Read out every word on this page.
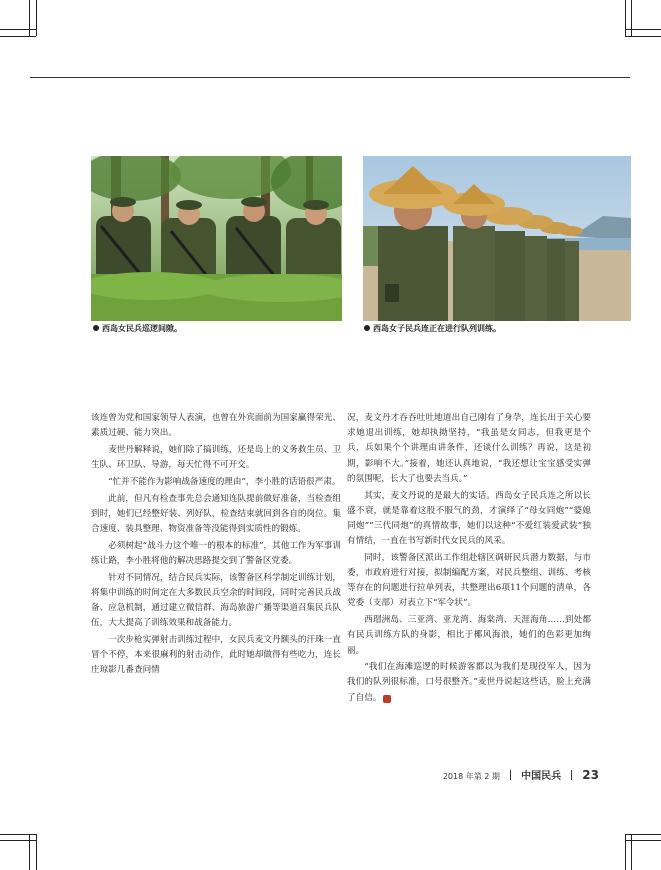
西岛女民兵巡逻间隙。	西岛女子民兵连正在进行队列训练。

该连曾为党和国家领导人表演，也曾在外宾面前为国家赢得荣光、素质过硬、能力突出。

麦世丹解释说，她们除了搞训练，还是岛上的义务救生员、卫生队、环卫队、导游，每天忙得不可开交。

“忙并不能作为影响战备速度的理由”，李小胜的话语很严肃。

此前，但凡有检查事先总会通知连队提前做好准备，当检查组到时，她们已经整好装、列好队，检查结束就回到各自的岗位。集合速度、装具整理、物资准备等没能得到实质性的锻炼。

必须树起“战斗力这个唯一的根本的标准”，其他工作为军事训练让路，李小胜将他的解决思路提交到了警备区党委。

针对不同情况，结合民兵实际，该警备区科学制定训练计划，将集中训练的时间定在大多数民兵空余的时间段，同时完善民兵战备、应急机制，通过建立微信群、海岛旅游广播等渠道召集民兵队伍，大大提高了训练效果和战备能力。

一次步枪实弹射击训练过程中，女民兵麦文丹额头的汗珠一直冒个不停，本来很麻利的射击动作，此时她却做得有些吃力，连长庄琼影几番查问情

况，麦文丹才吞吞吐吐地道出自己刚有了身孕，连长出于关心要求她退出训练，她却执拗坚持，“我虽是女同志，但我更是个兵，兵如果个个讲理由讲条件，还谈什么训练？再说，这是初期，影响不大。”接着，她还认真地说，“我还想让宝宝感受实弹的氛围呢，长大了也要去当兵。”

其实，麦文丹说的是最大的实话。西岛女子民兵连之所以长盛不衰，就是靠着这股不服气的劲，才演绎了“母女同炮”“婆媳同炮”“三代同炮”的真情故事，她们以这种“不爱红装爱武装”独有情结，一直在书写新时代女民兵的风采。

同时，该警备区派出工作组赴辖区调研民兵潜力数据，与市委，市政府进行对接，拟制编配方案，对民兵整组、训练、考核等存在的问题进行拉单列表，共整理出6项11个问题的清单，各党委（支部）对表立下“军令状”。

西瑁洲岛、三亚湾、亚龙湾、海棠湾、天涯海角……到处都有民兵训练方队的身影，相比于椰风海浪，她们的色彩更加绚丽。

“我们在海滩巡逻的时候游客都以为我们是现役军人，因为我们的队列很标准，口号很整齐。”麦世丹说起这些话，脸上充满了自信。	军

2018 年第 2 期 中国民兵 23
